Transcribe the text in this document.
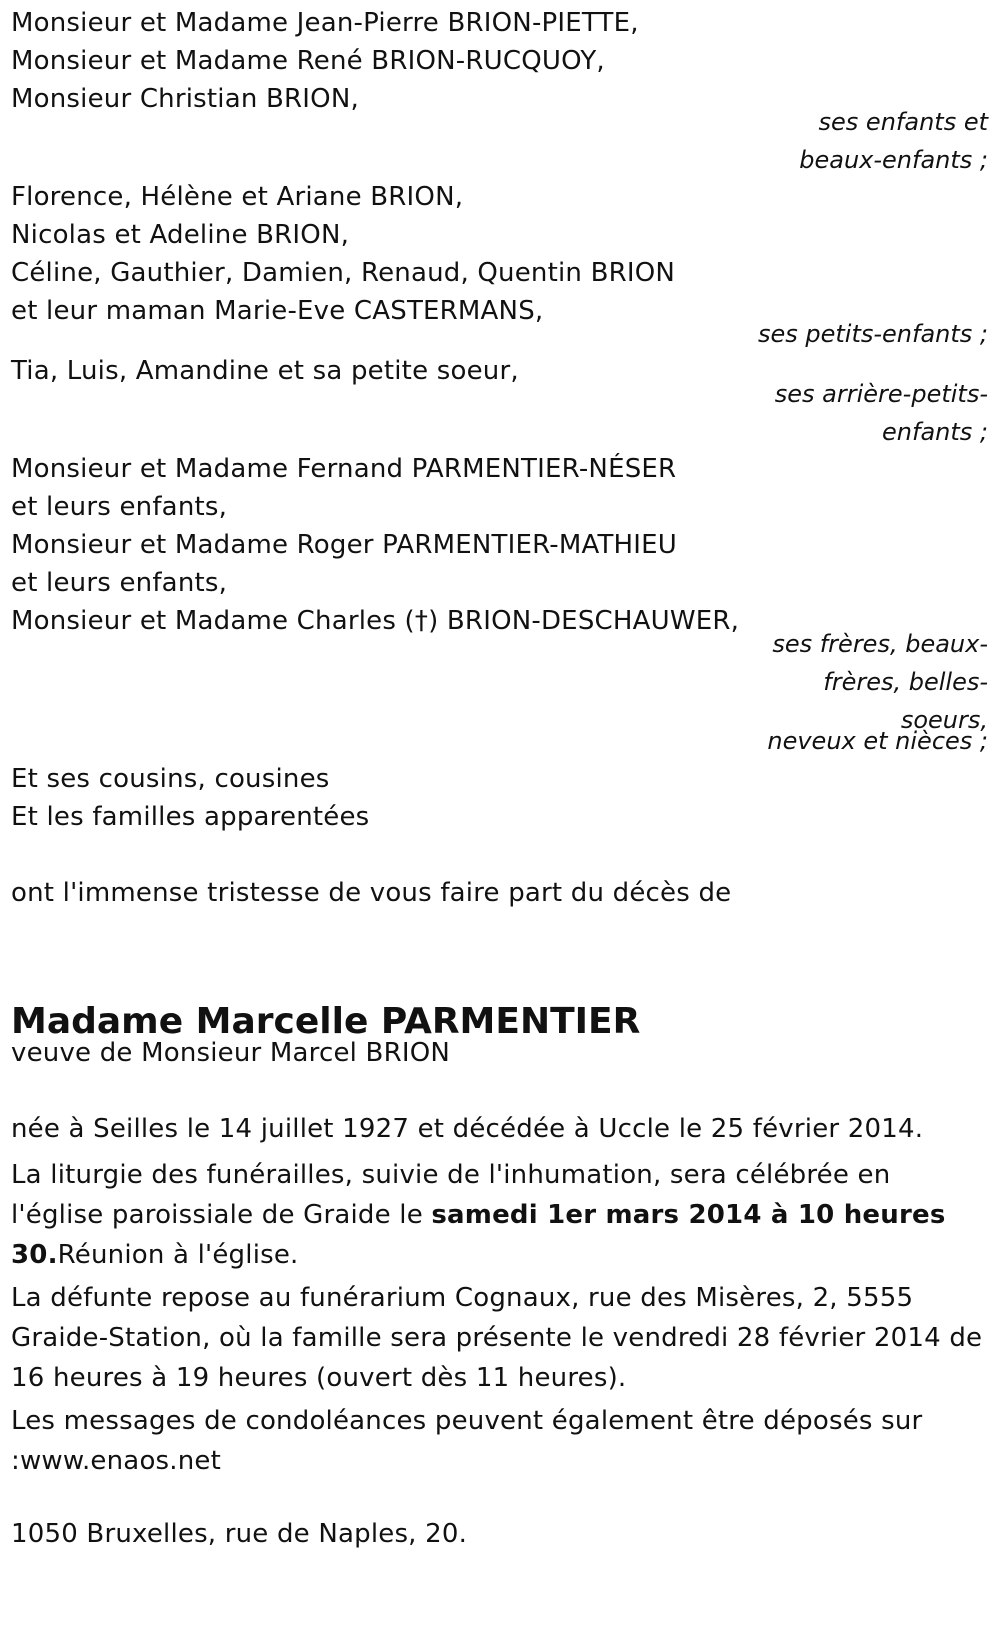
Monsieur et Madame Jean-Pierre BRION-PIETTE,
Monsieur et Madame René BRION-RUCQUOY,
Monsieur Christian BRION,
ses enfants et
beaux-enfants ;
Florence, Hélène et Ariane BRION,
Nicolas et Adeline BRION,
Céline, Gauthier, Damien, Renaud, Quentin BRION
et leur maman Marie-Eve CASTERMANS,
ses petits-enfants ;
Tia, Luis, Amandine et sa petite soeur,
ses arrière-petits-
enfants ;
Monsieur et Madame Fernand PARMENTIER-NÉSER
et leurs enfants,
Monsieur et Madame Roger PARMENTIER-MATHIEU
et leurs enfants,
Monsieur et Madame Charles (†) BRION-DESCHAUWER,
ses frères, beaux-
frères, belles-
soeurs,
neveux et nièces ;
Et ses cousins, cousines
Et les familles apparentées
ont l'immense tristesse de vous faire part du décès de
Madame Marcelle PARMENTIER
veuve de Monsieur Marcel BRION
née à Seilles le 14 juillet 1927 et décédée à Uccle le 25 février 2014.
La liturgie des funérailles, suivie de l'inhumation, sera célébrée en l'église paroissiale de Graide le samedi 1er mars 2014 à 10 heures 30.Réunion à l'église.
La défunte repose au funérarium Cognaux, rue des Misères, 2, 5555 Graide-Station, où la famille sera présente le vendredi 28 février 2014 de 16 heures à 19 heures (ouvert dès 11 heures).
Les messages de condoléances peuvent également être déposés sur :www.enaos.net
1050 Bruxelles, rue de Naples, 20.
